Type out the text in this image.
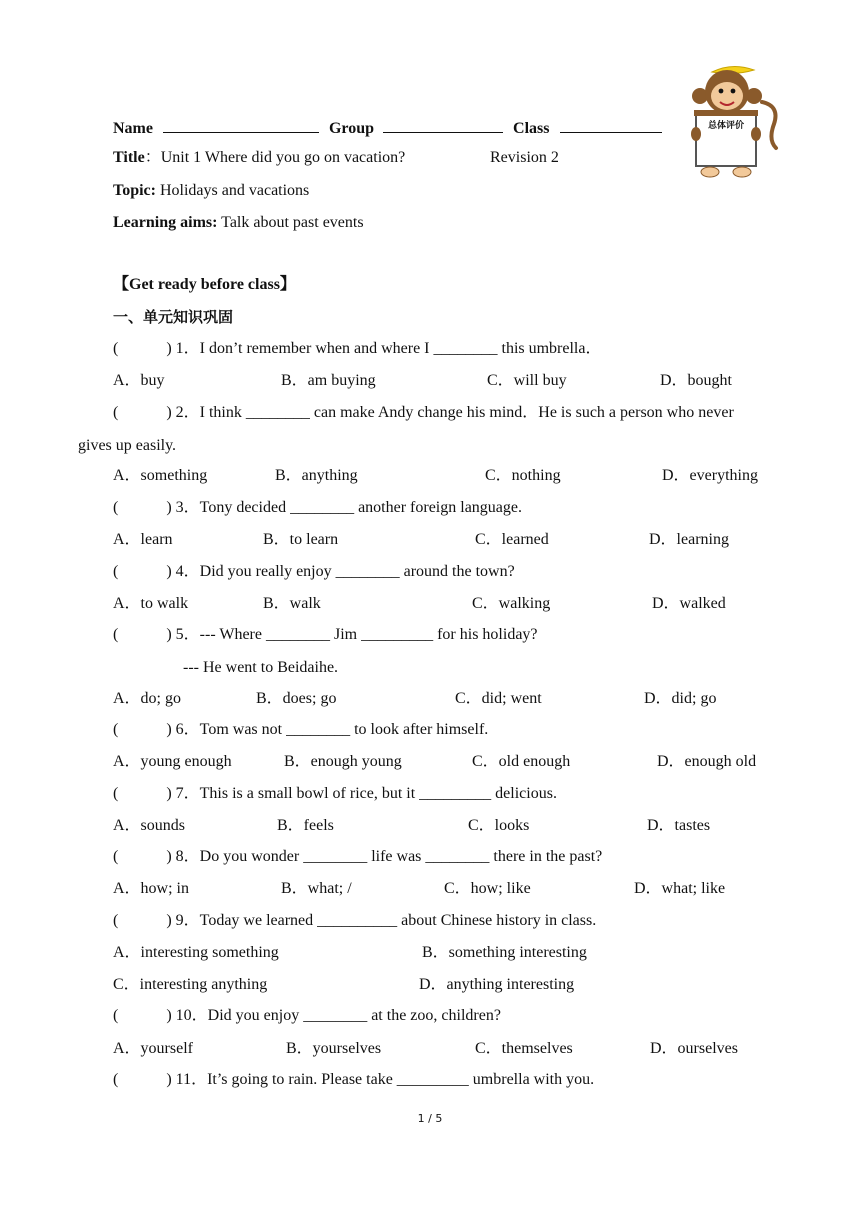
Name	Group	Class
Title：Unit 1 Where did you go on vacation?	Revision 2
Topic: Holidays and vacations
Learning aims: Talk about past events
总体评价
【Get ready before class】
一、单元知识巩固
(	) 1．I don’t remember when and where I ________ this umbrella．
A．buy	B．am buying	C．will buy	D．bought
(	) 2．I think ________ can make Andy change his mind．He is such a person who never
gives up easily.
A．something	B．anything	C．nothing	D．everything
(	) 3．Tony decided ________ another foreign language.
A．learn	B．to learn	C．learned	D．learning
(	) 4．Did you really enjoy ________ around the town?
A．to walk	B．walk	C．walking	D．walked
(	) 5．--- Where ________ Jim _________ for his holiday?
--- He went to Beidaihe.
A．do; go	B．does; go	C．did; went	D．did; go
(	) 6．Tom was not ________ to look after himself.
A．young enough	B．enough young	C．old enough	D．enough old
(	) 7．This is a small bowl of rice, but it _________ delicious.
A．sounds	B．feels	C．looks	D．tastes
(	) 8．Do you wonder ________ life was ________ there in the past?
A．how; in	B．what; /	C．how; like	D．what; like
(	) 9．Today we learned __________ about Chinese history in class.
A．interesting something	B．something interesting
C．interesting anything	D．anything interesting
(	) 10．Did you enjoy ________ at the zoo, children?
A．yourself	B．yourselves	C．themselves	D．ourselves
(	) 11．It’s going to rain. Please take _________ umbrella with you.
1 / 5
